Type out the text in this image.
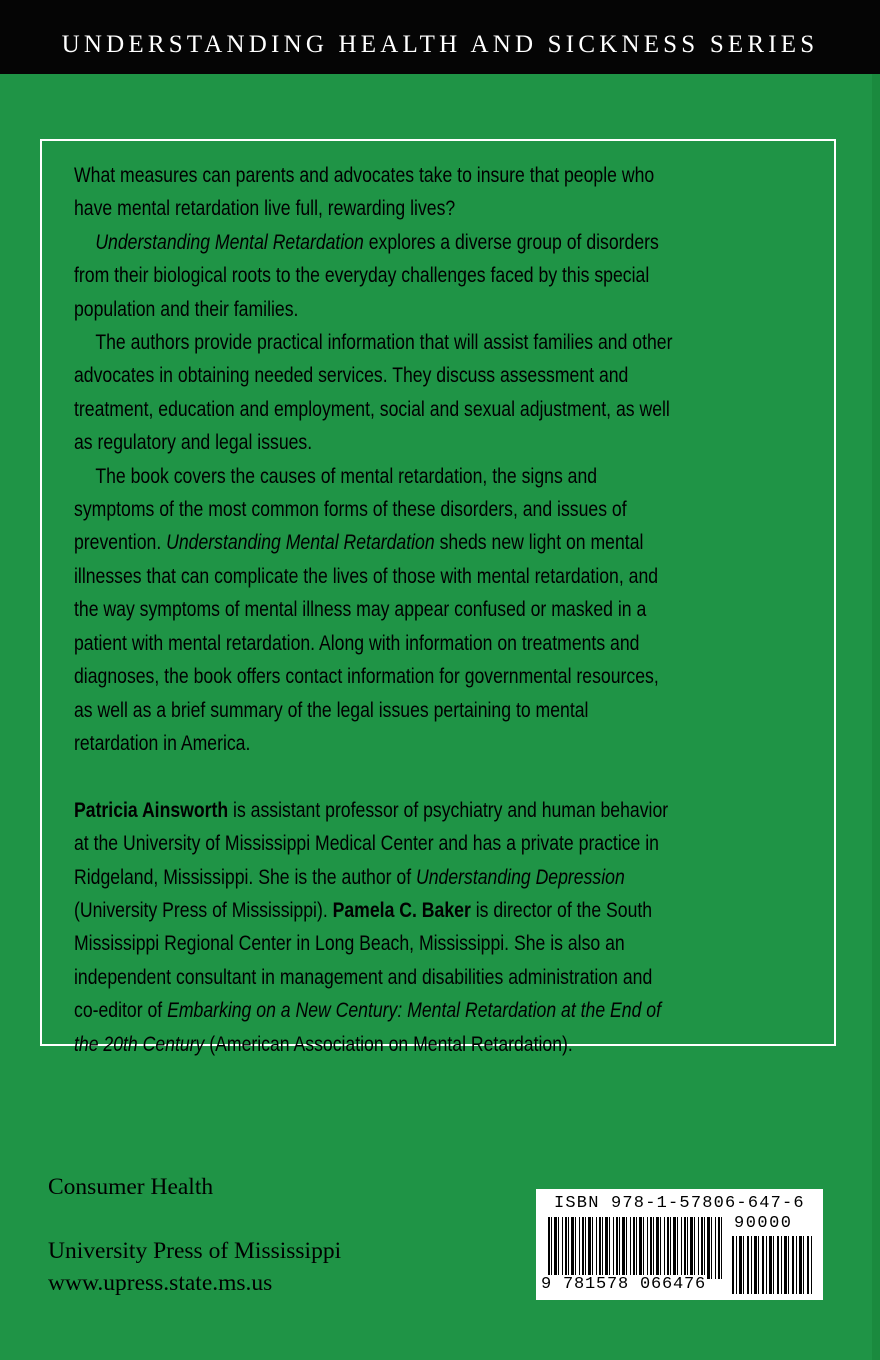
UNDERSTANDING HEALTH AND SICKNESS SERIES

What measures can parents and advocates take to insure that people who have mental retardation live full, rewarding lives?

Understanding Mental Retardation explores a diverse group of disorders from their biological roots to the everyday challenges faced by this special population and their families.

The authors provide practical information that will assist families and other advocates in obtaining needed services. They discuss assessment and treatment, education and employment, social and sexual adjustment, as well as regulatory and legal issues.

The book covers the causes of mental retardation, the signs and symptoms of the most common forms of these disorders, and issues of prevention. Understanding Mental Retardation sheds new light on mental illnesses that can complicate the lives of those with mental retardation, and the way symptoms of mental illness may appear confused or masked in a patient with mental retardation. Along with information on treatments and diagnoses, the book offers contact information for governmental resources, as well as a brief summary of the legal issues pertaining to mental retardation in America.

Patricia Ainsworth is assistant professor of psychiatry and human behavior at the University of Mississippi Medical Center and has a private practice in Ridgeland, Mississippi. She is the author of Understanding Depression (University Press of Mississippi). Pamela C. Baker is director of the South Mississippi Regional Center in Long Beach, Mississippi. She is also an independent consultant in management and disabilities administration and co-editor of Embarking on a New Century: Mental Retardation at the End of the 20th Century (American Association on Mental Retardation).

Consumer Health
University Press of Mississippi
www.upress.state.ms.us
ISBN 978-1-57806-647-6
90000
9 781578 066476
